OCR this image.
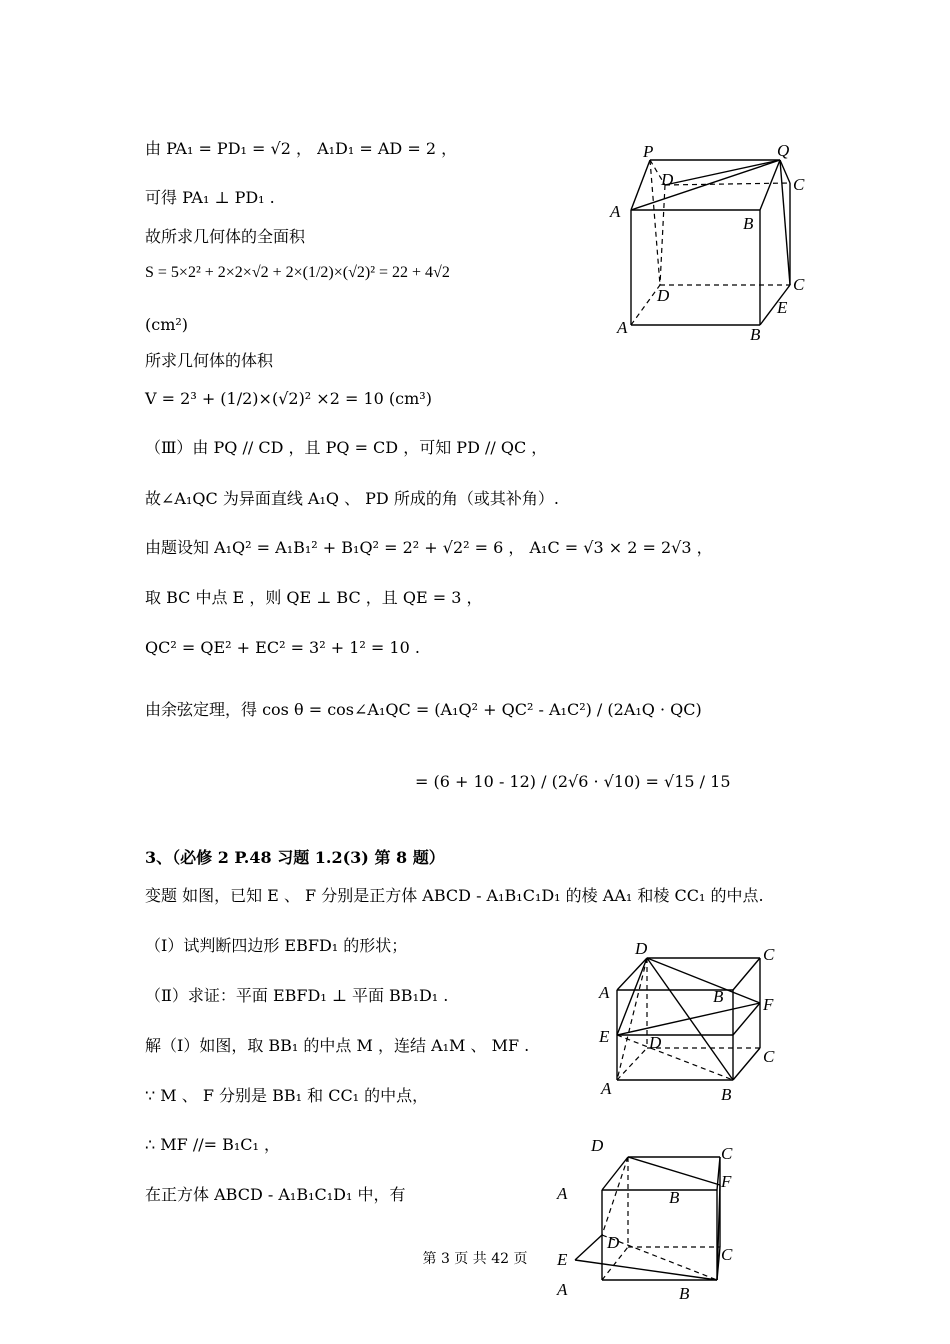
由 PA₁ = PD₁ = √2 ， A₁D₁ = AD = 2 ，
可得 PA₁ ⊥ PD₁ .
故所求几何体的全面积
S = 5×2² + 2×2×√2 + 2×(1/2)×(√2)² = 22 + 4√2
(cm²)
所求几何体的体积
V = 2³ + (1/2)×(√2)² ×2 = 10 (cm³)
（Ⅲ）由 PQ // CD ，且 PQ = CD ，可知 PD // QC ，
故∠A₁QC 为异面直线 A₁Q 、 PD 所成的角（或其补角）.
由题设知 A₁Q² = A₁B₁² + B₁Q² = 2² + √2² = 6 ， A₁C = √3 × 2 = 2√3 ，
取 BC 中点 E ，则 QE ⊥ BC ，且 QE = 3 ，
QC² = QE² + EC² = 3² + 1² = 10 .
由余弦定理，得 cos θ = cos∠A₁QC = (A₁Q² + QC² - A₁C²) / (2A₁Q · QC)
= (6 + 10 - 12) / (2√6 · √10) = √15 / 15
3、（必修 2 P.48 习题 1.2(3) 第 8 题）
变题 如图，已知 E 、 F 分别是正方体 ABCD - A₁B₁C₁D₁ 的棱 AA₁ 和棱 CC₁ 的中点.
（Ⅰ）试判断四边形 EBFD₁ 的形状；
（Ⅱ）求证：平面 EBFD₁ ⊥ 平面 BB₁D₁ .
解（Ⅰ）如图，取 BB₁ 的中点 M ，连结 A₁M 、 MF .
∵ M 、 F 分别是 BB₁ 和 CC₁ 的中点，
∴ MF //= B₁C₁ ，
在正方体 ABCD - A₁B₁C₁D₁ 中，有
P	Q
D	C
A
B
D
C
E
A	B
D	C
A	B F
E D
C
A	B
D	C
A	B
F
E
D
C
A	B
第 3 页 共 42 页
